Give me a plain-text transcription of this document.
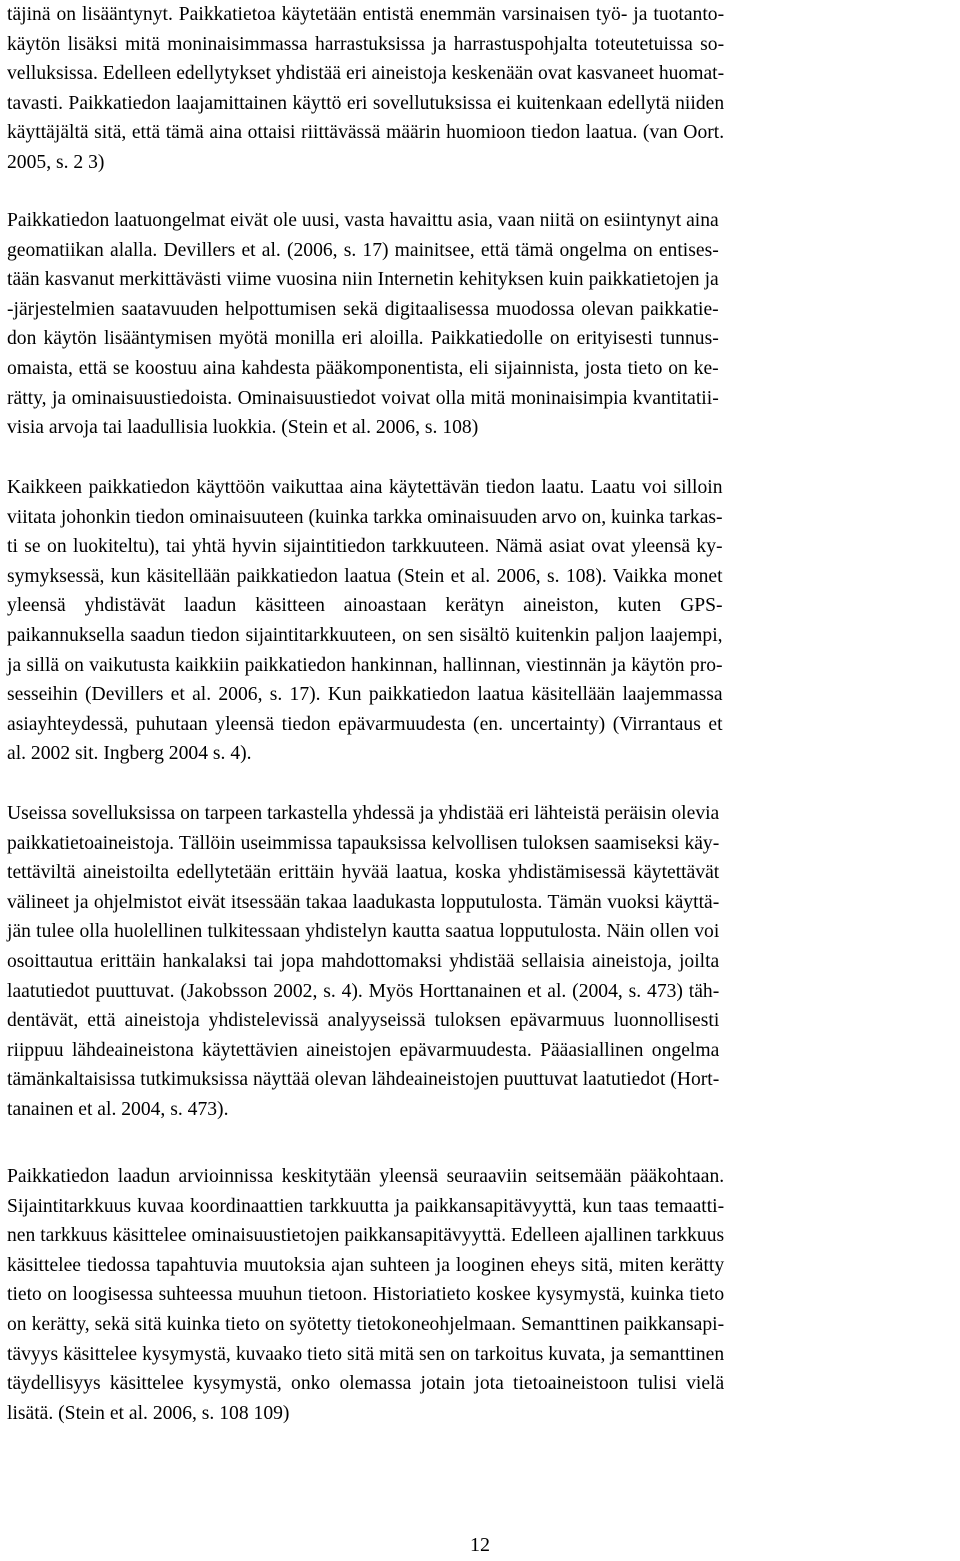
täjinä on lisääntynyt. Paikkatietoa käytetään entistä enemmän varsinaisen työ- ja tuotanto-
käytön lisäksi mitä moninaisimmassa harrastuksissa ja harrastuspohjalta toteutetuissa so-
velluksissa. Edelleen edellytykset yhdistää eri aineistoja keskenään ovat kasvaneet huomat-
tavasti. Paikkatiedon laajamittainen käyttö eri sovellutuksissa ei kuitenkaan edellytä niiden
käyttäjältä sitä, että tämä aina ottaisi riittävässä määrin huomioon tiedon laatua. (van Oort.
2005, s. 2 3)

Paikkatiedon laatuongelmat eivät ole uusi, vasta havaittu asia, vaan niitä on esiintynyt aina
geomatiikan alalla. Devillers et al. (2006, s. 17) mainitsee, että tämä ongelma on entises-
tään kasvanut merkittävästi viime vuosina niin Internetin kehityksen kuin paikkatietojen ja
-järjestelmien saatavuuden helpottumisen sekä digitaalisessa muodossa olevan paikkatie-
don käytön lisääntymisen myötä monilla eri aloilla. Paikkatiedolle on erityisesti tunnus-
omaista, että se koostuu aina kahdesta pääkomponentista, eli sijainnista, josta tieto on ke-
rätty, ja ominaisuustiedoista. Ominaisuustiedot voivat olla mitä moninaisimpia kvantitatii-
visia arvoja tai laadullisia luokkia. (Stein et al. 2006, s. 108)

Kaikkeen paikkatiedon käyttöön vaikuttaa aina käytettävän tiedon laatu. Laatu voi silloin
viitata johonkin tiedon ominaisuuteen (kuinka tarkka ominaisuuden arvo on, kuinka tarkas-
ti se on luokiteltu), tai yhtä hyvin sijaintitiedon tarkkuuteen. Nämä asiat ovat yleensä ky-
symyksessä, kun käsitellään paikkatiedon laatua (Stein et al. 2006, s. 108). Vaikka monet
yleensä yhdistävät laadun käsitteen ainoastaan kerätyn aineiston, kuten GPS-
paikannuksella saadun tiedon sijaintitarkkuuteen, on sen sisältö kuitenkin paljon laajempi,
ja sillä on vaikutusta kaikkiin paikkatiedon hankinnan, hallinnan, viestinnän ja käytön pro-
sesseihin (Devillers et al. 2006, s. 17). Kun paikkatiedon laatua käsitellään laajemmassa
asiayhteydessä, puhutaan yleensä tiedon epävarmuudesta (en. uncertainty) (Virrantaus et
al. 2002 sit. Ingberg 2004 s. 4).

Useissa sovelluksissa on tarpeen tarkastella yhdessä ja yhdistää eri lähteistä peräisin olevia
paikkatietoaineistoja. Tällöin useimmissa tapauksissa kelvollisen tuloksen saamiseksi käy-
tettäviltä aineistoilta edellytetään erittäin hyvää laatua, koska yhdistämisessä käytettävät
välineet ja ohjelmistot eivät itsessään takaa laadukasta lopputulosta. Tämän vuoksi käyttä-
jän tulee olla huolellinen tulkitessaan yhdistelyn kautta saatua lopputulosta. Näin ollen voi
osoittautua erittäin hankalaksi tai jopa mahdottomaksi yhdistää sellaisia aineistoja, joilta
laatutiedot puuttuvat. (Jakobsson 2002, s. 4). Myös Horttanainen et al. (2004, s. 473) täh-
dentävät, että aineistoja yhdistelevissä analyyseissä tuloksen epävarmuus luonnollisesti
riippuu lähdeaineistona käytettävien aineistojen epävarmuudesta. Pääasiallinen ongelma
tämänkaltaisissa tutkimuksissa näyttää olevan lähdeaineistojen puuttuvat laatutiedot (Hort-
tanainen et al. 2004, s. 473).

Paikkatiedon laadun arvioinnissa keskitytään yleensä seuraaviin seitsemään pääkohtaan.
Sijaintitarkkuus kuvaa koordinaattien tarkkuutta ja paikkansapitävyyttä, kun taas temaatti-
nen tarkkuus käsittelee ominaisuustietojen paikkansapitävyyttä. Edelleen ajallinen tarkkuus
käsittelee tiedossa tapahtuvia muutoksia ajan suhteen ja looginen eheys sitä, miten kerätty
tieto on loogisessa suhteessa muuhun tietoon. Historiatieto koskee kysymystä, kuinka tieto
on kerätty, sekä sitä kuinka tieto on syötetty tietokoneohjelmaan. Semanttinen paikkansapi-
tävyys käsittelee kysymystä, kuvaako tieto sitä mitä sen on tarkoitus kuvata, ja semanttinen
täydellisyys käsittelee kysymystä, onko olemassa jotain jota tietoaineistoon tulisi vielä
lisätä. (Stein et al. 2006, s. 108 109)

12
